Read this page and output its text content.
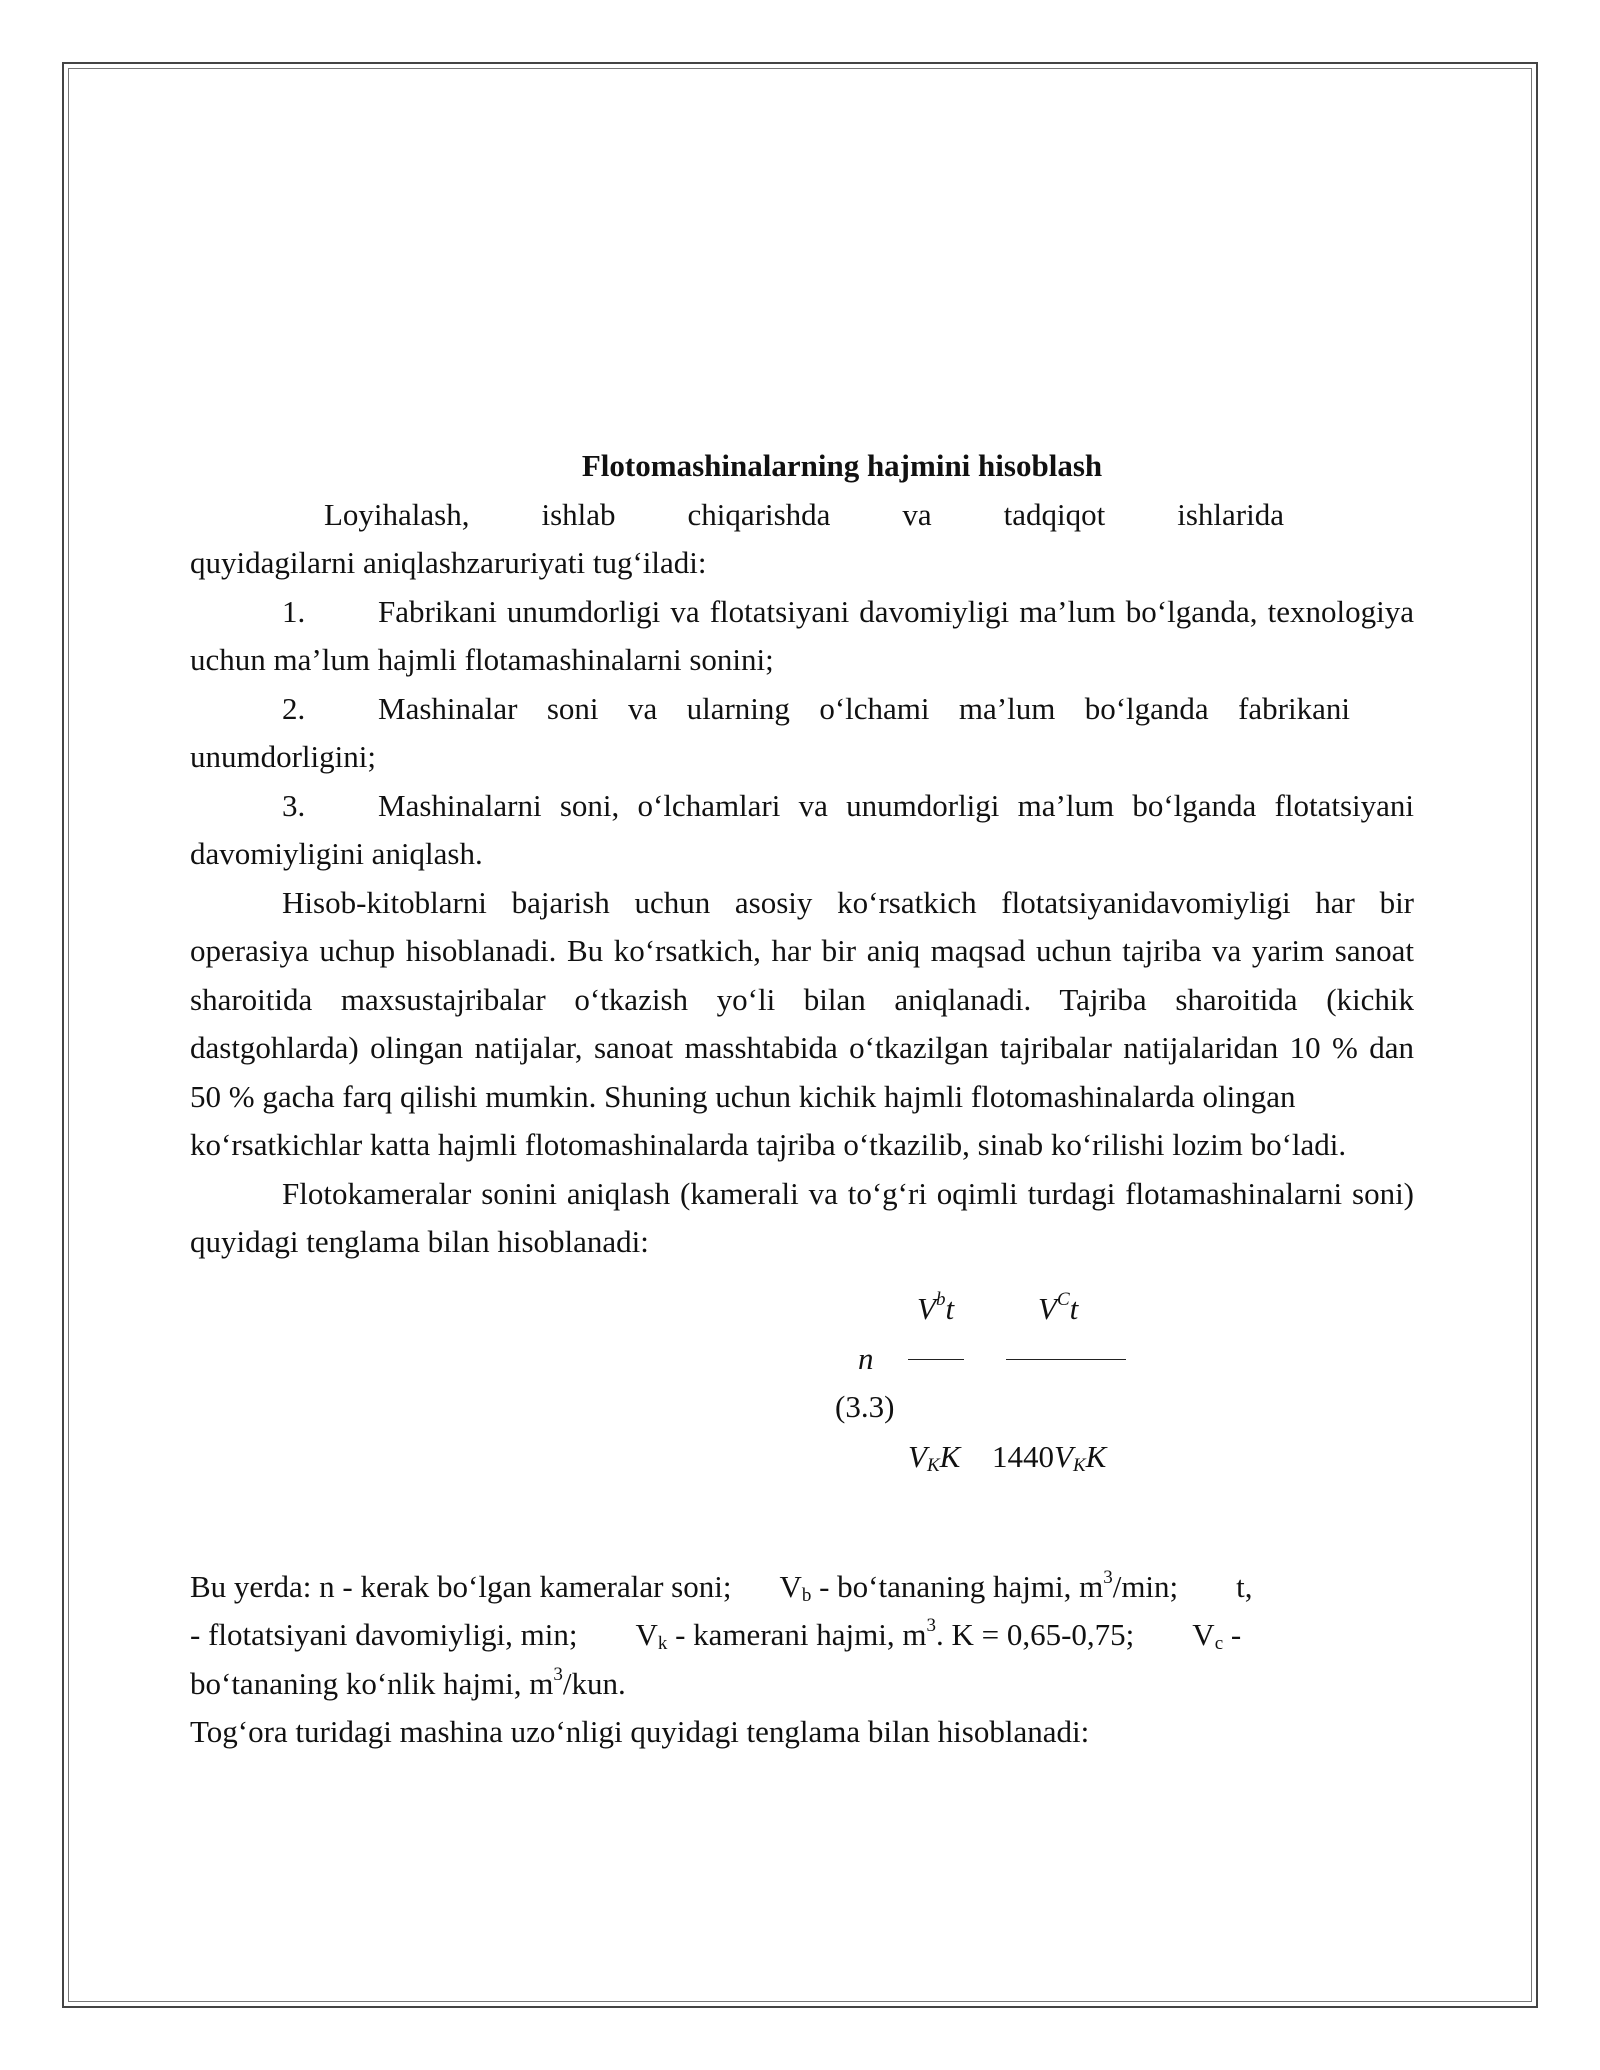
Flotomashinalarning hajmini hisoblash

Loyihalash, ishlab chiqarishda va tadqiqot ishlarida

quyidagilarni aniqlashzaruriyati tug‘iladi:

1. Fabrikani unumdorligi va flotatsiyani davomiyligi ma’lum bo‘lganda, texnologiya uchun ma’lum hajmli flotamashinalarni sonini;

2. Mashinalar soni va ularning o‘lchami ma’lum bo‘lganda fabrikani unumdorligini;

3. Mashinalarni soni, o‘lchamlari va unumdorligi ma’lum bo‘lganda flotatsiyani davomiyligini aniqlash.

Hisob-kitoblarni bajarish uchun asosiy ko‘rsatkich flotatsiyanidavomiyligi har bir operasiya uchup hisoblanadi. Bu ko‘rsatkich, har bir aniq maqsad uchun tajriba va yarim sanoat sharoitida maxsustajribalar o‘tkazish yo‘li bilan aniqlanadi. Tajriba sharoitida (kichik dastgohlarda) olingan natijalar, sanoat masshtabida o‘tkazilgan tajribalar natijalaridan 10 % dan 50 % gacha farq qilishi mumkin. Shuning uchun kichik hajmli flotomashinalarda olingan

ko‘rsatkichlar katta hajmli flotomashinalarda tajriba o‘tkazilib, sinab ko‘rilishi lozim bo‘ladi.

Flotokameralar sonini aniqlash (kamerali va to‘g‘ri oqimli turdagi flotamashinalarni soni) quyidagi tenglama bilan hisoblanadi:

$V^bt$	$V^Ct$
n
(3.3)
$V_KK$ $1440V_KK$

Bu yerda: n - kerak bo‘lgan kameralar soni; $V_b$ - bo‘tananing hajmi, $m^3/\min$; t,

- flotatsiyani davomiyligi, min; $V_k$ - kamerani hajmi, $m^3$. K = 0,65-0,75; $V_c$ -

bo‘tananing ko‘nlik hajmi, $m^3$/kun.

Tog‘ora turidagi mashina uzo‘nligi quyidagi tenglama bilan hisoblanadi:
